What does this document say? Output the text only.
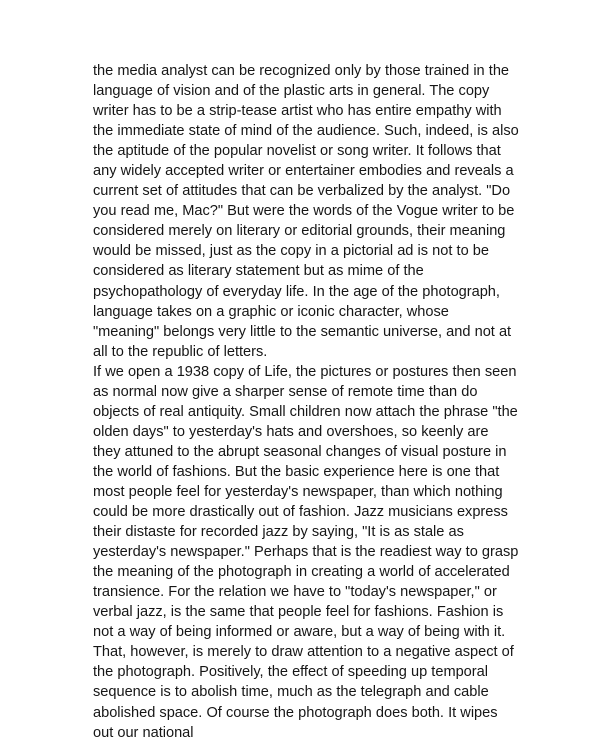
the media analyst can be recognized only by those trained in the language of vision and of the plastic arts in general. The copy writer has to be a strip-tease artist who has entire empathy with the immediate state of mind of the audience. Such, indeed, is also the aptitude of the popular novelist or song writer. It follows that any widely accepted writer or entertainer embodies and reveals a current set of attitudes that can be verbalized by the analyst. "Do you read me, Mac?" But were the words of the Vogue writer to be considered merely on literary or editorial grounds, their meaning would be missed, just as the copy in a pictorial ad is not to be considered as literary statement but as mime of the psychopathology of everyday life. In the age of the photograph, language takes on a graphic or iconic character, whose "meaning" belongs very little to the semantic universe, and not at all to the republic of letters.

If we open a 1938 copy of Life, the pictures or postures then seen as normal now give a sharper sense of remote time than do objects of real antiquity. Small children now attach the phrase "the olden days" to yesterday's hats and overshoes, so keenly are they attuned to the abrupt seasonal changes of visual posture in the world of fashions. But the basic experience here is one that most people feel for yesterday's newspaper, than which nothing could be more drastically out of fashion. Jazz musicians express their distaste for recorded jazz by saying, "It is as stale as yesterday's newspaper." Perhaps that is the readiest way to grasp the meaning of the photograph in creating a world of accelerated transience. For the relation we have to "today's newspaper," or verbal jazz, is the same that people feel for fashions. Fashion is not a way of being informed or aware, but a way of being with it. That, however, is merely to draw attention to a negative aspect of the photograph. Positively, the effect of speeding up temporal sequence is to abolish time, much as the telegraph and cable abolished space. Of course the photograph does both. It wipes out our national
